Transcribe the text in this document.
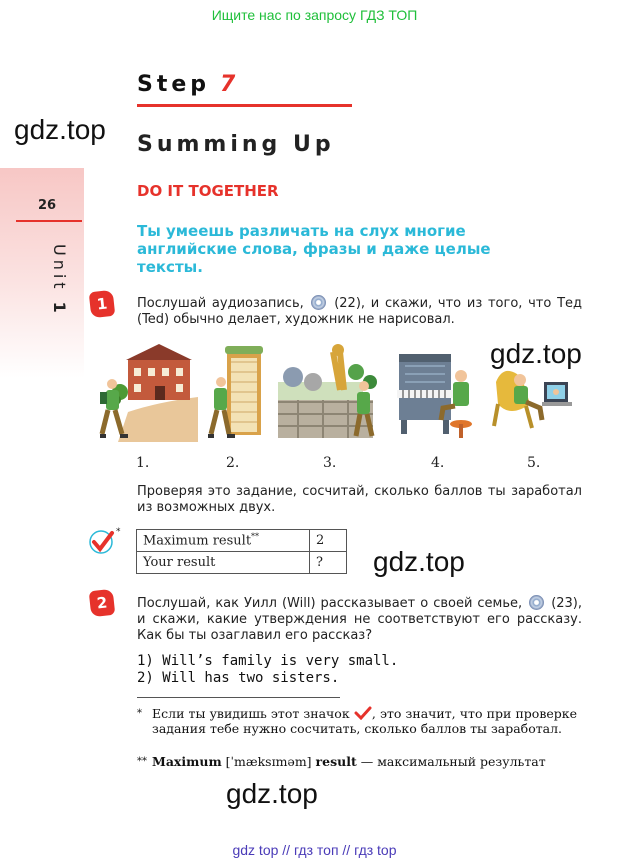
Ищите нас по запросу ГДЗ ТОП
Step 7
Summing Up
gdz.top
gdz.top
gdz.top
gdz.top
26
Unit 1
DO IT TOGETHER
Ты умеешь различать на слух многие английские слова, фразы и даже целые тексты.
1	Послушай аудиозапись, (22), и скажи, что из того, что Тед (Ted) обычно делает, художник не нарисовал.
1.	2.	3.	4.	5.
Проверяя это задание, сосчитай, сколько баллов ты заработал из возможных двух.
*
Maximum result**	2
Your result	?
2	Послушай, как Уилл (Will) рассказывает о своей семье, (23), и скажи, какие утверждения не соответствуют его рассказу. Как бы ты озаглавил его рассказ?
1) Will’s family is very small.
2) Will has two sisters.
* Если ты увидишь этот значок , это значит, что при проверке задания тебе нужно сосчитать, сколько баллов ты заработал.
** Maximum [ˈmæksɪməm] result — максимальный результат
gdz top // гдз топ // гдз top
